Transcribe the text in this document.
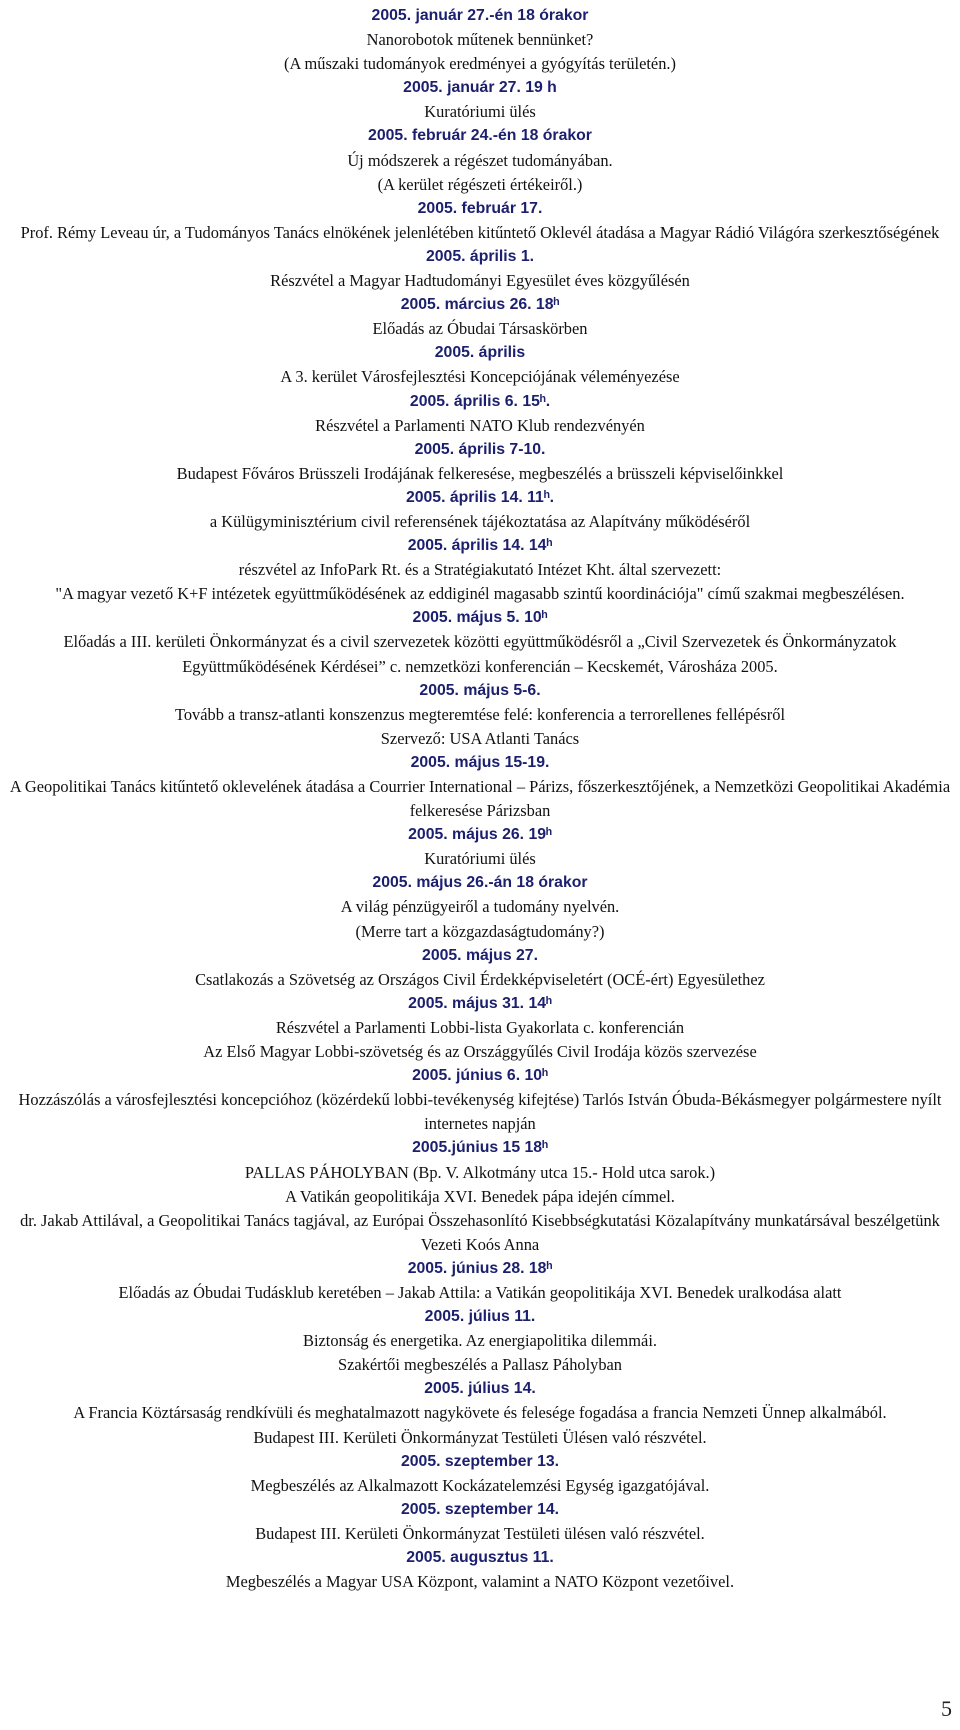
2005. január 27.-én 18 órakor
Nanorobotok műtenek bennünket?
(A műszaki tudományok eredményei a gyógyítás területén.)
2005. január 27. 19 h
Kuratóriumi ülés
2005. február 24.-én 18 órakor
Új módszerek a régészet tudományában.
(A kerület régészeti értékeiről.)
2005. február 17.
Prof. Rémy Leveau úr, a Tudományos Tanács elnökének jelenlétében kitűntető Oklevél átadása a Magyar Rádió Világóra szerkesztőségének
2005. április 1.
Részvétel a Magyar Hadtudományi Egyesület éves közgyűlésén
2005. március 26. 18ʰ
Előadás az Óbudai Társaskörben
2005. április
A 3. kerület Városfejlesztési Koncepciójának véleményezése
2005. április 6. 15ʰ.
Részvétel a Parlamenti NATO Klub rendezvényén
2005. április 7-10.
Budapest Főváros Brüsszeli Irodájának felkeresése, megbeszélés a brüsszeli képviselőinkkel
2005. április 14. 11ʰ.
a Külügyminisztérium civil referensének tájékoztatása az Alapítvány működéséről
2005. április 14. 14ʰ
részvétel az InfoPark Rt. és a Stratégiakutató Intézet Kht. által szervezett:
"A magyar vezető K+F intézetek együttműködésének az eddiginél magasabb szintű koordinációja" című szakmai megbeszélésen.
2005. május 5. 10ʰ
Előadás a III. kerületi Önkormányzat és a civil szervezetek közötti együttműködésről a „Civil Szervezetek és Önkormányzatok Együttműködésének Kérdései” c. nemzetközi konferencián – Kecskemét, Városháza 2005.
2005. május 5-6.
Tovább a transz-atlanti konszenzus megteremtése felé: konferencia a terrorellenes fellépésről
Szervező: USA Atlanti Tanács
2005. május 15-19.
A Geopolitikai Tanács kitűntető oklevelének átadása a Courrier International – Párizs, főszerkesztőjének, a Nemzetközi Geopolitikai Akadémia felkeresése Párizsban
2005. május 26. 19ʰ
Kuratóriumi ülés
2005. május 26.-án 18 órakor
A világ pénzügyeiről a tudomány nyelvén.
(Merre tart a közgazdaságtudomány?)
2005. május 27.
Csatlakozás a Szövetség az Országos Civil Érdekképviseletért (OCÉ-ért) Egyesülethez
2005. május 31. 14ʰ
Részvétel a Parlamenti Lobbi-lista Gyakorlata c. konferencián
Az Első Magyar Lobbi-szövetség és az Országgyűlés Civil Irodája közös szervezése
2005. június 6. 10ʰ
Hozzászólás a városfejlesztési koncepcióhoz (közérdekű lobbi-tevékenység kifejtése) Tarlós István Óbuda-Békásmegyer polgármestere nyílt internetes napján
2005.június 15 18ʰ
PALLAS PÁHOLYBAN (Bp. V. Alkotmány utca 15.- Hold utca sarok.)
A Vatikán geopolitikája XVI. Benedek pápa idején címmel.
dr. Jakab Attilával, a Geopolitikai Tanács tagjával, az Európai Összehasonlító Kisebbségkutatási Közalapítvány munkatársával beszélgetünk
Vezeti Koós Anna
2005. június 28. 18ʰ
Előadás az Óbudai Tudásklub keretében – Jakab Attila: a Vatikán geopolitikája XVI. Benedek uralkodása alatt
2005. július 11.
Biztonság és energetika. Az energiapolitika dilemmái.
Szakértői megbeszélés a Pallasz Páholyban
2005. július 14.
A Francia Köztársaság rendkívüli és meghatalmazott nagykövete és felesége fogadása a francia Nemzeti Ünnep alkalmából.
Budapest III. Kerületi Önkormányzat Testületi Ülésen való részvétel.
2005. szeptember 13.
Megbeszélés az Alkalmazott Kockázatelemzési Egység igazgatójával.
2005. szeptember 14.
Budapest III. Kerületi Önkormányzat Testületi ülésen való részvétel.
2005. augusztus 11.
Megbeszélés a Magyar USA Központ, valamint a NATO Központ vezetőivel.
5
